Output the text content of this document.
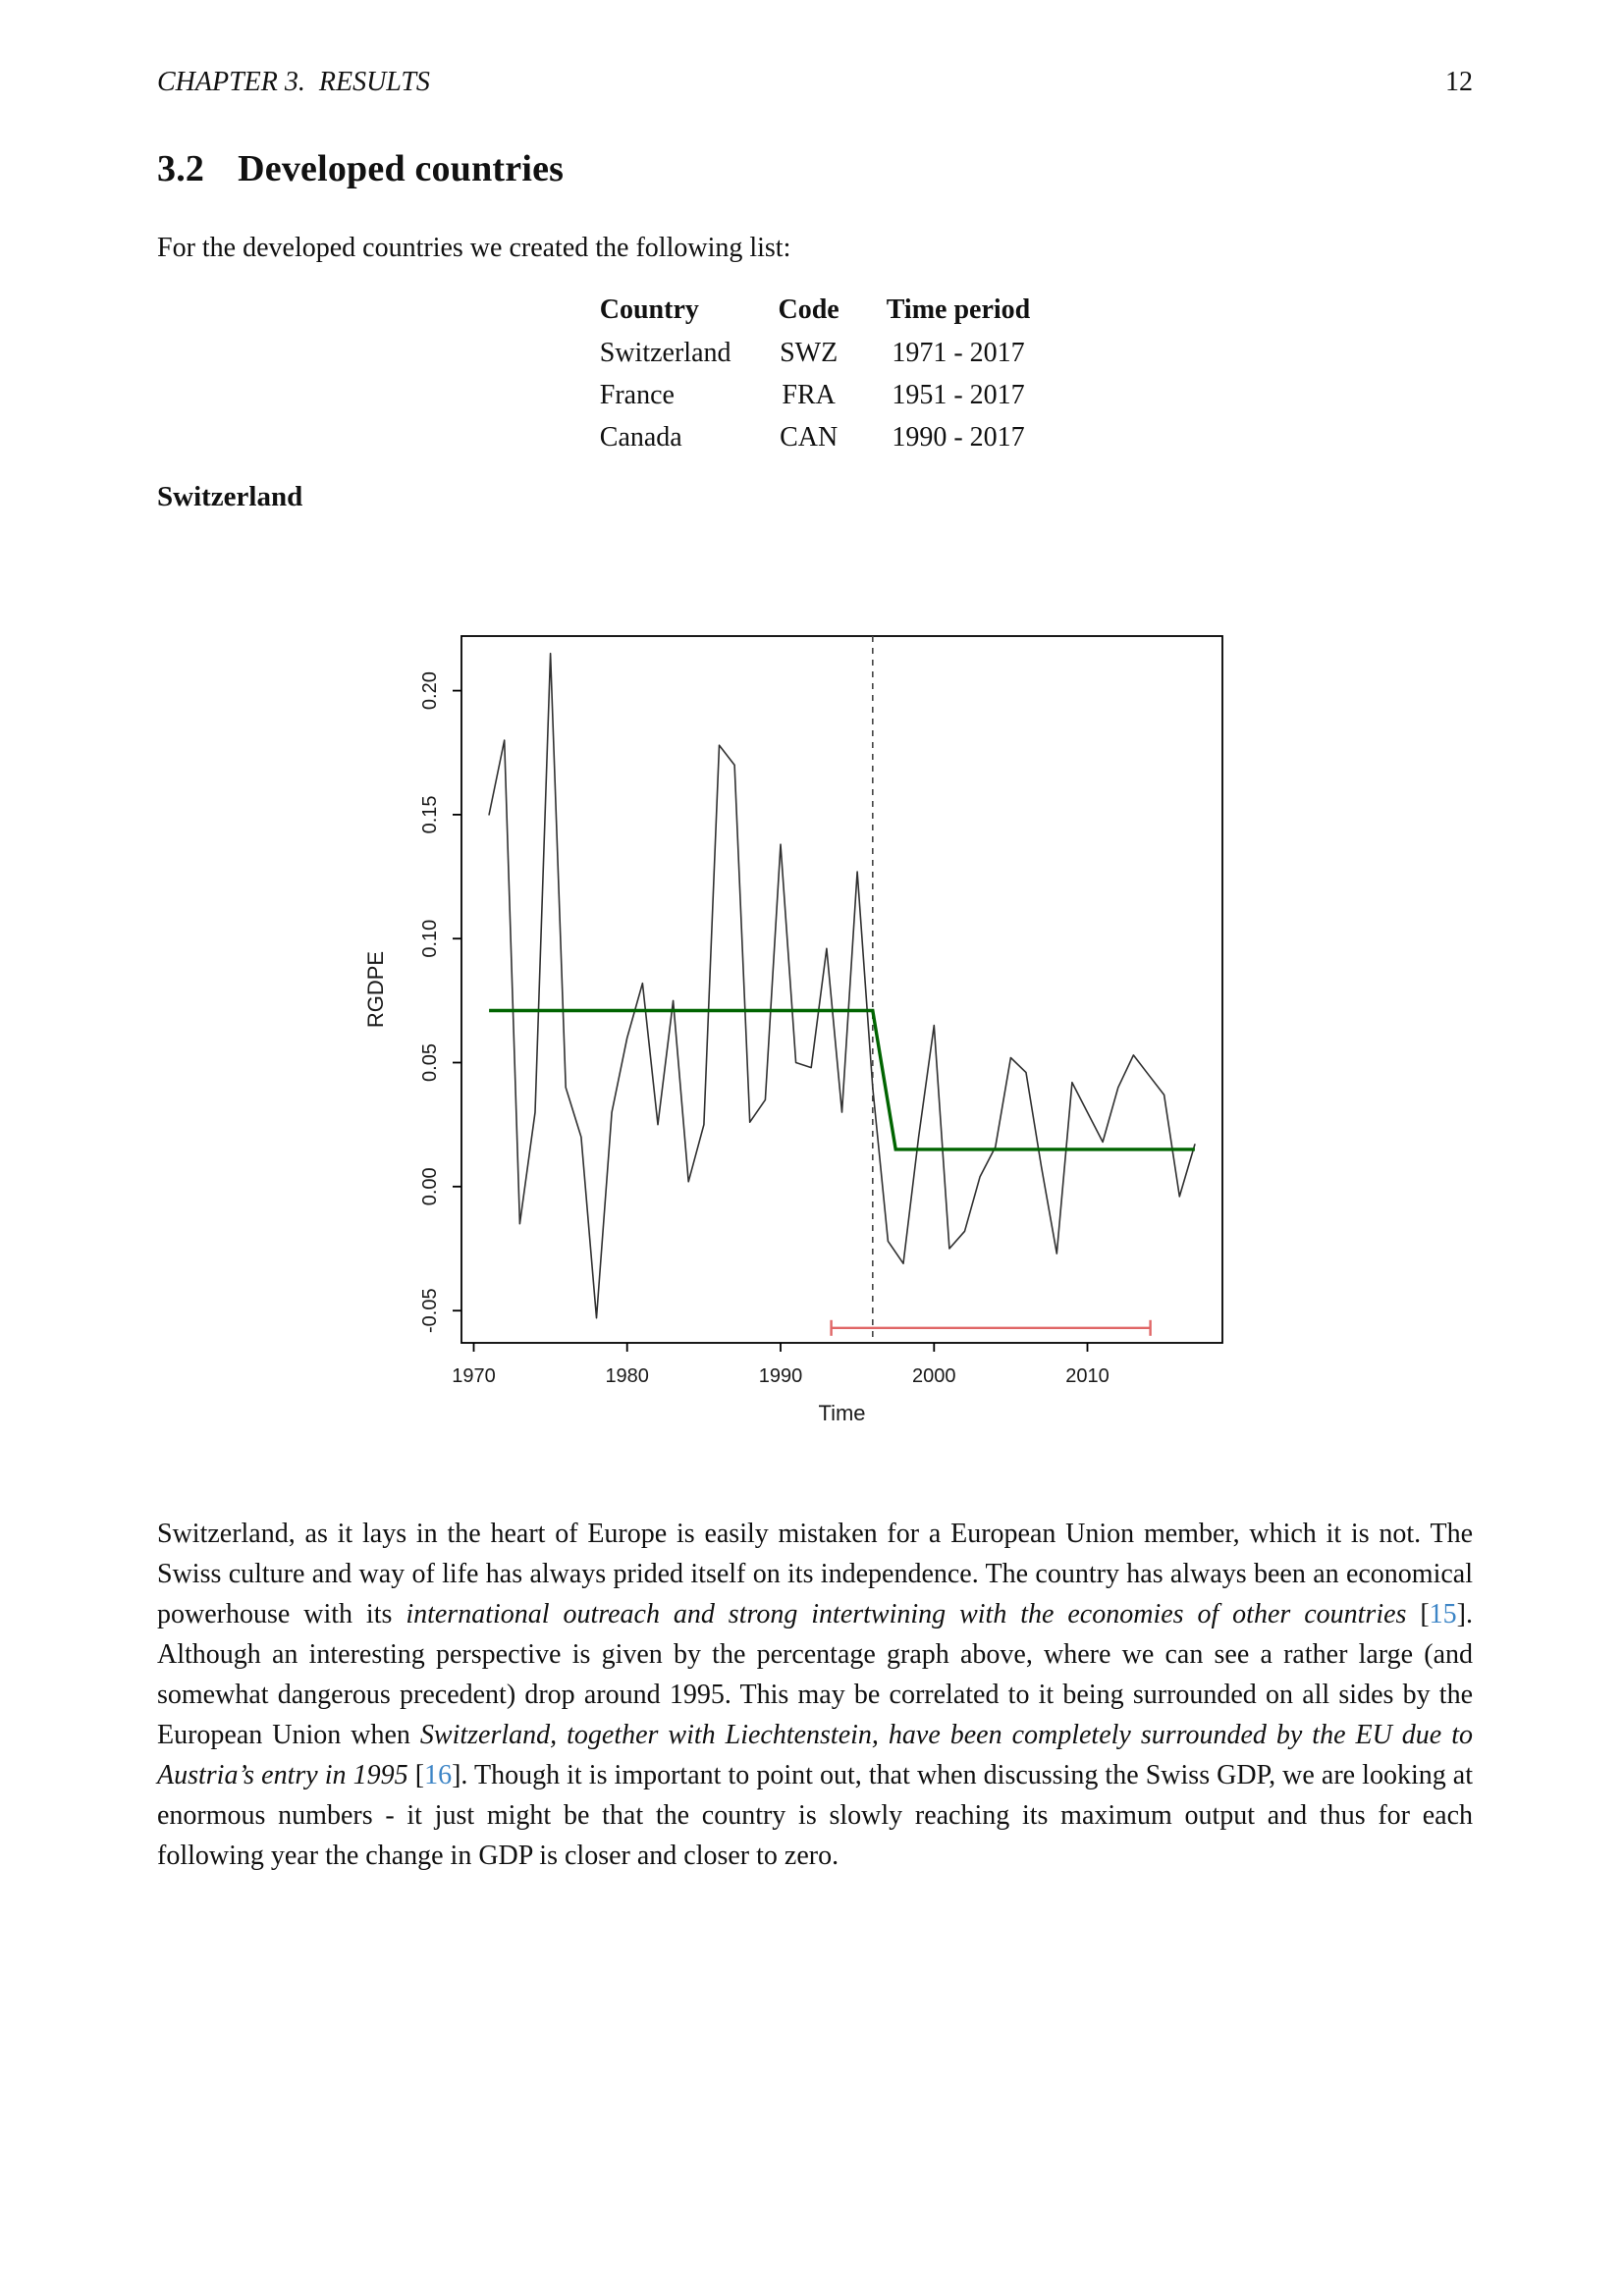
CHAPTER 3.  RESULTS	12
3.2 Developed countries

For the developed countries we created the following list:

Country	Code	Time period
Switzerland	SWZ	1971 - 2017
France	FRA	1951 - 2017
Canada	CAN	1990 - 2017
Switzerland
1970	1980	1990	2000	2010
-0.05
0.00
0.05
0.10
0.15
0.20
Time
RGDPE

Switzerland, as it lays in the heart of Europe is easily mistaken for a European Union member, which it is not. The Swiss culture and way of life has always prided itself on its independence. The country has always been an economical powerhouse with its international outreach and strong intertwining with the economies of other countries [15]. Although an interesting perspective is given by the percentage graph above, where we can see a rather large (and somewhat dangerous precedent) drop around 1995. This may be correlated to it being surrounded on all sides by the European Union when Switzerland, together with Liechtenstein, have been completely surrounded by the EU due to Austria’s entry in 1995 [16]. Though it is important to point out, that when discussing the Swiss GDP, we are looking at enormous numbers - it just might be that the country is slowly reaching its maximum output and thus for each following year the change in GDP is closer and closer to zero.
